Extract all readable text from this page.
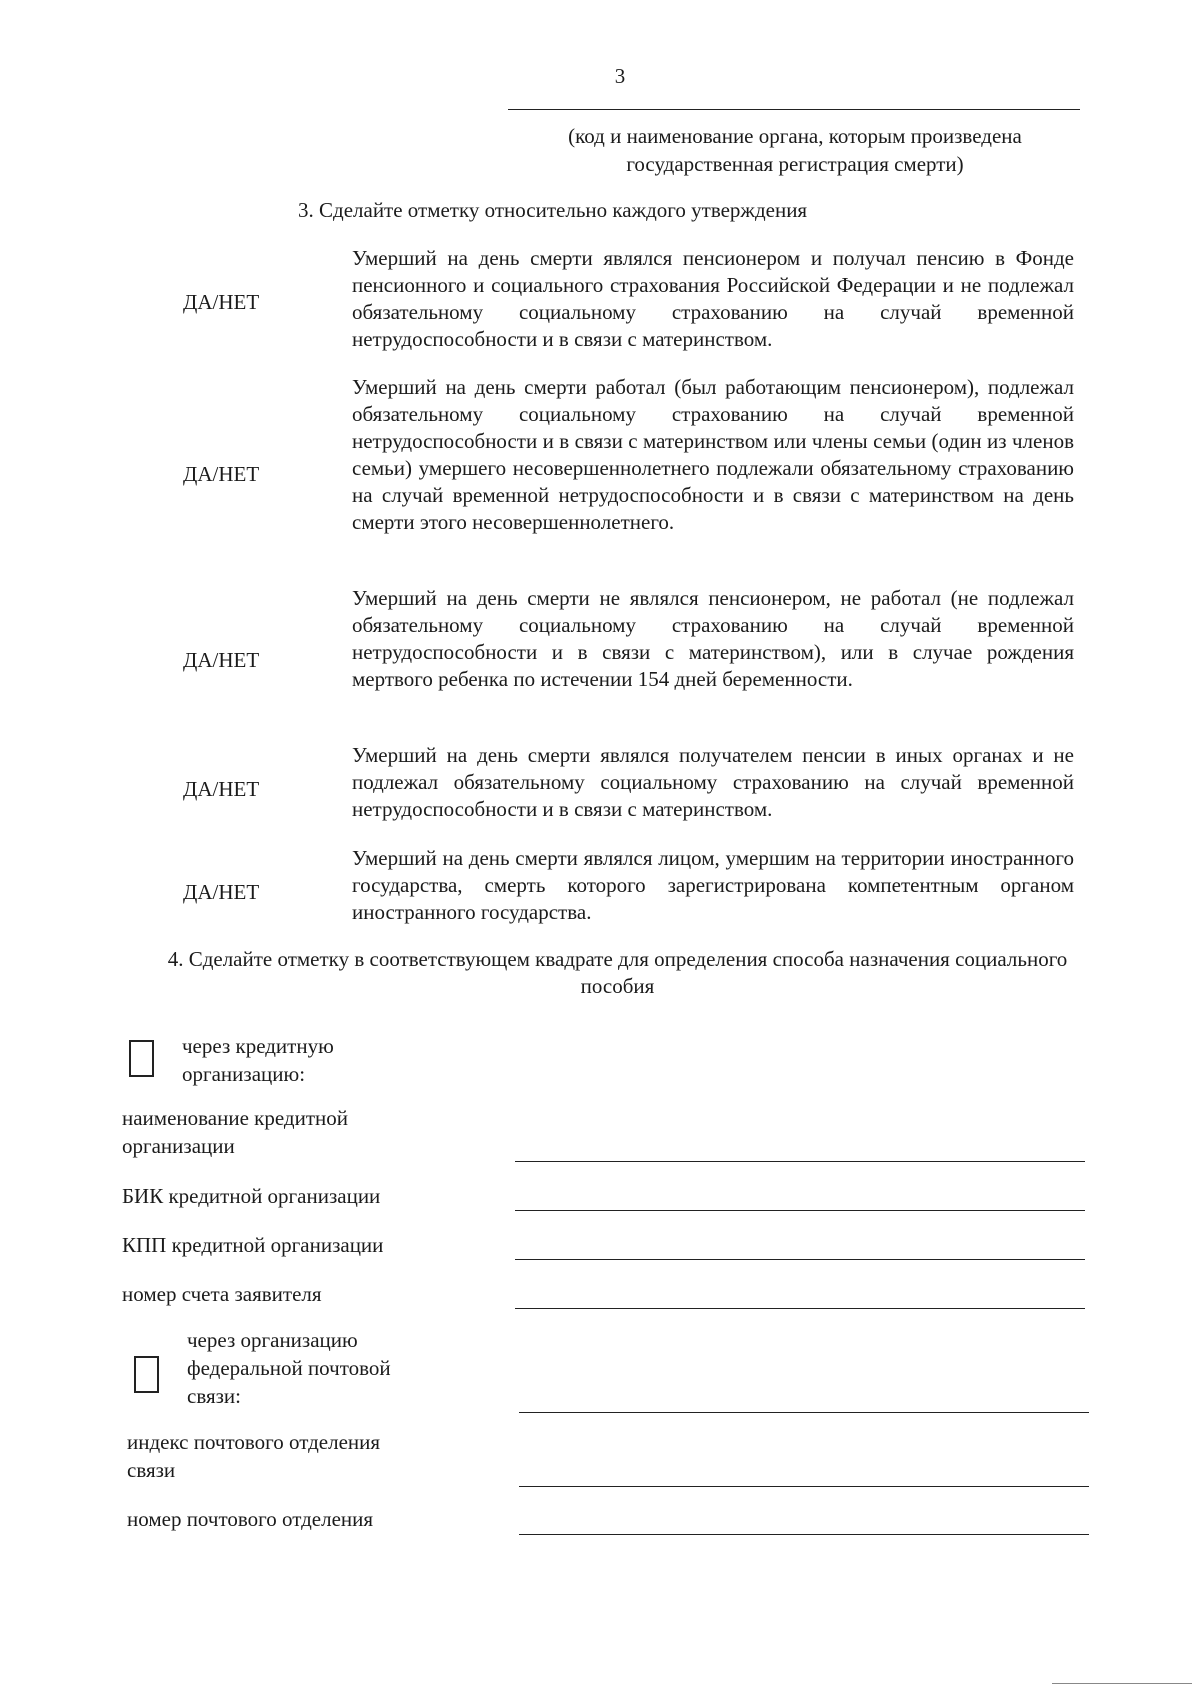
3
(код и наименование органа, которым произведена государственная регистрация смерти)
3. Сделайте отметку относительно каждого утверждения
ДА/НЕТ
Умерший на день смерти являлся пенсионером и получал пенсию в Фонде пенсионного и социального страхования Российской Федерации и не подлежал обязательному социальному страхованию на случай временной нетрудоспособности и в связи с материнством.
ДА/НЕТ
Умерший на день смерти работал (был работающим пенсионером), подлежал обязательному социальному страхованию на случай временной нетрудоспособности и в связи с материнством или члены семьи (один из членов семьи) умершего несовершеннолетнего подлежали обязательному страхованию на случай временной нетрудоспособности и в связи с материнством на день смерти этого несовершеннолетнего.
ДА/НЕТ
Умерший на день смерти не являлся пенсионером, не работал (не подлежал обязательному социальному страхованию на случай временной нетрудоспособности и в связи с материнством), или в случае рождения мертвого ребенка по истечении 154 дней беременности.
ДА/НЕТ
Умерший на день смерти являлся получателем пенсии в иных органах и не подлежал обязательному социальному страхованию на случай временной нетрудоспособности и в связи с материнством.
ДА/НЕТ
Умерший на день смерти являлся лицом, умершим на территории иностранного государства, смерть которого зарегистрирована компетентным органом иностранного государства.
4. Сделайте отметку в соответствующем квадрате для определения способа назначения социального пособия
через кредитную организацию:
наименование кредитной организации
БИК кредитной организации
КПП кредитной организации
номер счета заявителя
через организацию федеральной почтовой связи:
индекс почтового отделения связи
номер почтового отделения
